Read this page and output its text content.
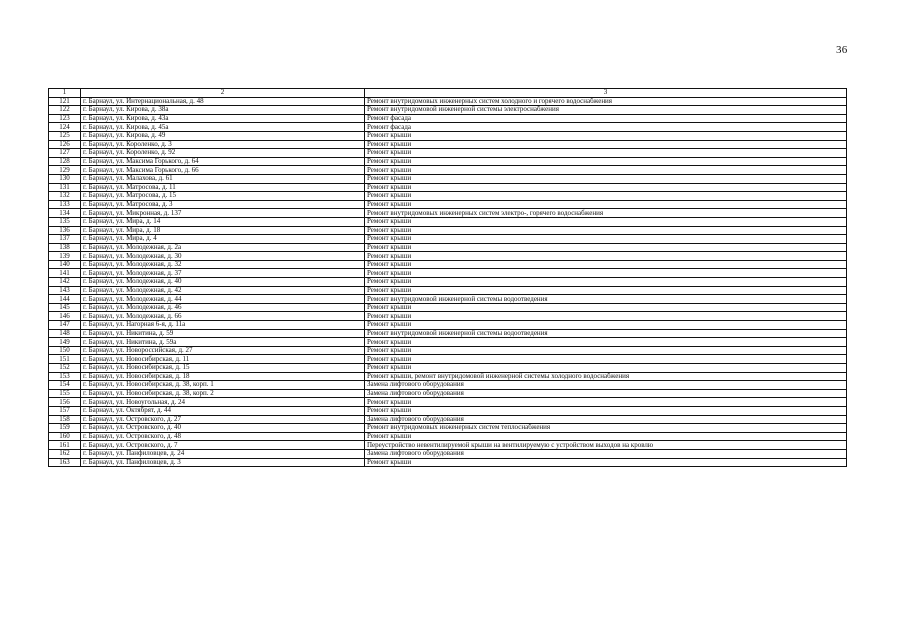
36
1	2	3
121	г. Барнаул, ул. Интернациональная, д. 48	Ремонт внутридомовых инженерных систем холодного и горячего водоснабжения
122	г. Барнаул, ул. Кирова, д. 38а	Ремонт внутридомовой инженерной системы электроснабжения
123	г. Барнаул, ул. Кирова, д. 43а	Ремонт фасада
124	г. Барнаул, ул. Кирова, д. 45а	Ремонт фасада
125	г. Барнаул, ул. Кирова, д. 49	Ремонт крыши
126	г. Барнаул, ул. Короленко, д. 3	Ремонт крыши
127	г. Барнаул, ул. Короленко, д. 92	Ремонт крыши
128	г. Барнаул, ул. Максима Горького, д. 64	Ремонт крыши
129	г. Барнаул, ул. Максима Горького, д. 66	Ремонт крыши
130	г. Барнаул, ул. Малахова, д. 61	Ремонт крыши
131	г. Барнаул, ул. Матросова, д. 11	Ремонт крыши
132	г. Барнаул, ул. Матросова, д. 15	Ремонт крыши
133	г. Барнаул, ул. Матросова, д. 3	Ремонт крыши
134	г. Барнаул, ул. Микронная, д. 137	Ремонт внутридомовых инженерных систем электро-, горячего водоснабжения
135	г. Барнаул, ул. Мира, д. 14	Ремонт крыши
136	г. Барнаул, ул. Мира, д. 18	Ремонт крыши
137	г. Барнаул, ул. Мира, д. 4	Ремонт крыши
138	г. Барнаул, ул. Молодежная, д. 2а	Ремонт крыши
139	г. Барнаул, ул. Молодежная, д. 30	Ремонт крыши
140	г. Барнаул, ул. Молодежная, д. 32	Ремонт крыши
141	г. Барнаул, ул. Молодежная, д. 37	Ремонт крыши
142	г. Барнаул, ул. Молодежная, д. 40	Ремонт крыши
143	г. Барнаул, ул. Молодежная, д. 42	Ремонт крыши
144	г. Барнаул, ул. Молодежная, д. 44	Ремонт внутридомовой инженерной системы водоотведения
145	г. Барнаул, ул. Молодежная, д. 46	Ремонт крыши
146	г. Барнаул, ул. Молодежная, д. 66	Ремонт крыши
147	г. Барнаул, ул. Нагорная 6-я, д. 11а	Ремонт крыши
148	г. Барнаул, ул. Никитина, д. 59	Ремонт внутридомовой инженерной системы водоотведения
149	г. Барнаул, ул. Никитина, д. 59а	Ремонт крыши
150	г. Барнаул, ул. Новороссийская, д. 27	Ремонт крыши
151	г. Барнаул, ул. Новосибирская, д. 11	Ремонт крыши
152	г. Барнаул, ул. Новосибирская, д. 15	Ремонт крыши
153	г. Барнаул, ул. Новосибирская, д. 18	Ремонт крыши, ремонт внутридомовой инженерной системы холодного водоснабжения
154	г. Барнаул, ул. Новосибирская, д. 38, корп. 1	Замена лифтового оборудования
155	г. Барнаул, ул. Новосибирская, д. 38, корп. 2	Замена лифтового оборудования
156	г. Барнаул, ул. Новоугольная, д. 24	Ремонт крыши
157	г. Барнаул, ул. Октябрят, д. 44	Ремонт крыши
158	г. Барнаул, ул. Островского, д. 27	Замена лифтового оборудования
159	г. Барнаул, ул. Островского, д. 40	Ремонт внутридомовых инженерных систем теплоснабжения
160	г. Барнаул, ул. Островского, д. 48	Ремонт крыши
161	г. Барнаул, ул. Островского, д. 7	Переустройство невентилируемой крыши на вентилируемую с устройством выходов на кровлю
162	г. Барнаул, ул. Панфиловцев, д. 24	Замена лифтового оборудования
163	г. Барнаул, ул. Панфиловцев, д. 3	Ремонт крыши
